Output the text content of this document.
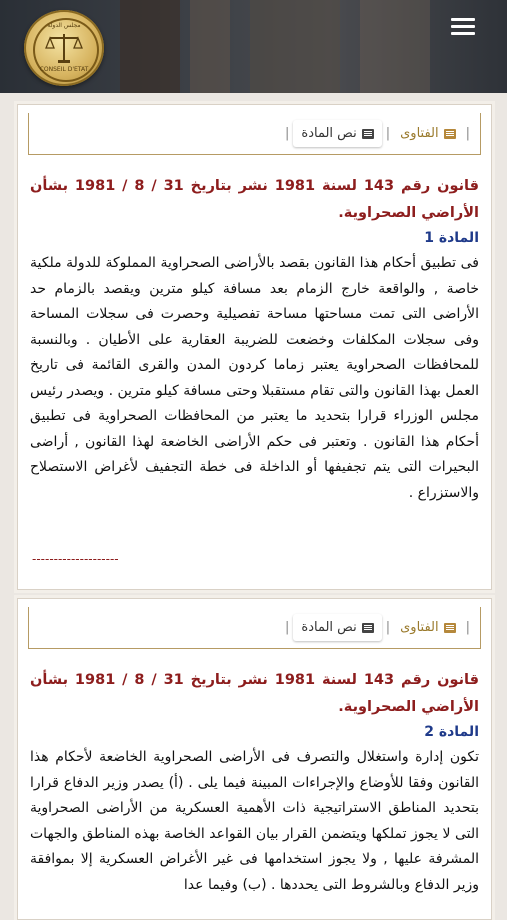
مجلس الدولة
CONSEIL D'ETAT
|
الفتاوى
|
نص المادة
|

قانون رقم 143 لسنة 1981 نشر بتاريخ 31 / 8 / 1981 بشأن الأراضي الصحراوية.

المادة 1

فى تطبيق أحكام هذا القانون بقصد بالأراضى الصحراوية المملوكة للدولة ملكية خاصة , والواقعة خارج الزمام بعد مسافة كيلو مترين ويقصد بالزمام حد الأراضى التى تمت مساحتها مساحة تفصيلية وحصرت فى سجلات المساحة وفى سجلات المكلفات وخضعت للضريبة العقارية على الأطيان . وبالنسبة للمحافظات الصحراوية يعتبر زماما كردون المدن والقرى القائمة فى تاريخ العمل بهذا القانون والتى تقام مستقبلا وحتى مسافة كيلو مترين . ويصدر رئيس مجلس الوزراء قرارا بتحديد ما يعتبر من المحافظات الصحراوية فى تطبيق أحكام هذا القانون . وتعتبر فى حكم الأراضى الخاضعة لهذا القانون , أراضى البحيرات التى يتم تجفيفها أو الداخلة فى خطة التجفيف لأغراض الاستصلاح والاستزراع .

--------------------
|
الفتاوى
|
نص المادة
|

قانون رقم 143 لسنة 1981 نشر بتاريخ 31 / 8 / 1981 بشأن الأراضي الصحراوية.

المادة 2

تكون إدارة واستغلال والتصرف فى الأراضى الصحراوية الخاضعة لأحكام هذا القانون وفقا للأوضاع والإجراءات المبينة فيما يلى . (أ) يصدر وزير الدفاع قرارا بتحديد المناطق الاستراتيجية ذات الأهمية العسكرية من الأراضى الصحراوية التى لا يجوز تملكها ويتضمن القرار بيان القواعد الخاصة بهذه المناطق والجهات المشرفة عليها , ولا يجوز استخدامها فى غير الأغراض العسكرية إلا بموافقة وزير الدفاع وبالشروط التى يحددها . (ب) وفيما عدا
